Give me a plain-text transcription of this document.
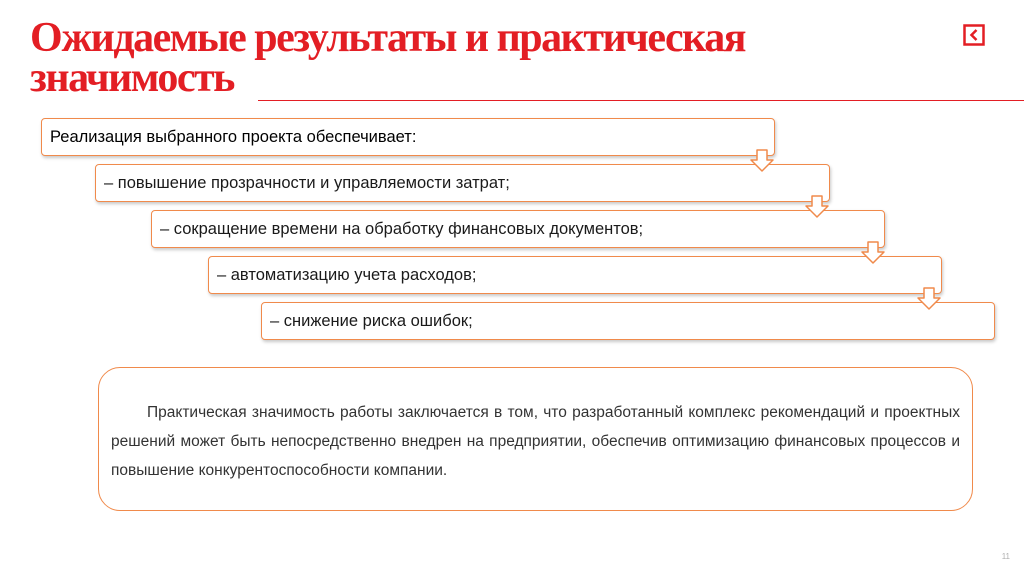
Ожидаемые результаты и практическая
значимость
Реализация выбранного проекта обеспечивает:
– повышение прозрачности и управляемости затрат;
– сокращение времени на обработку финансовых документов;
– автоматизацию учета расходов;
– снижение риска ошибок;

Практическая значимость работы заключается в том, что разработанный комплекс рекомендаций и проектных решений может быть непосредственно внедрен на предприятии, обеспечив оптимизацию финансовых процессов и повышение конкурентоспособности компании.

11
